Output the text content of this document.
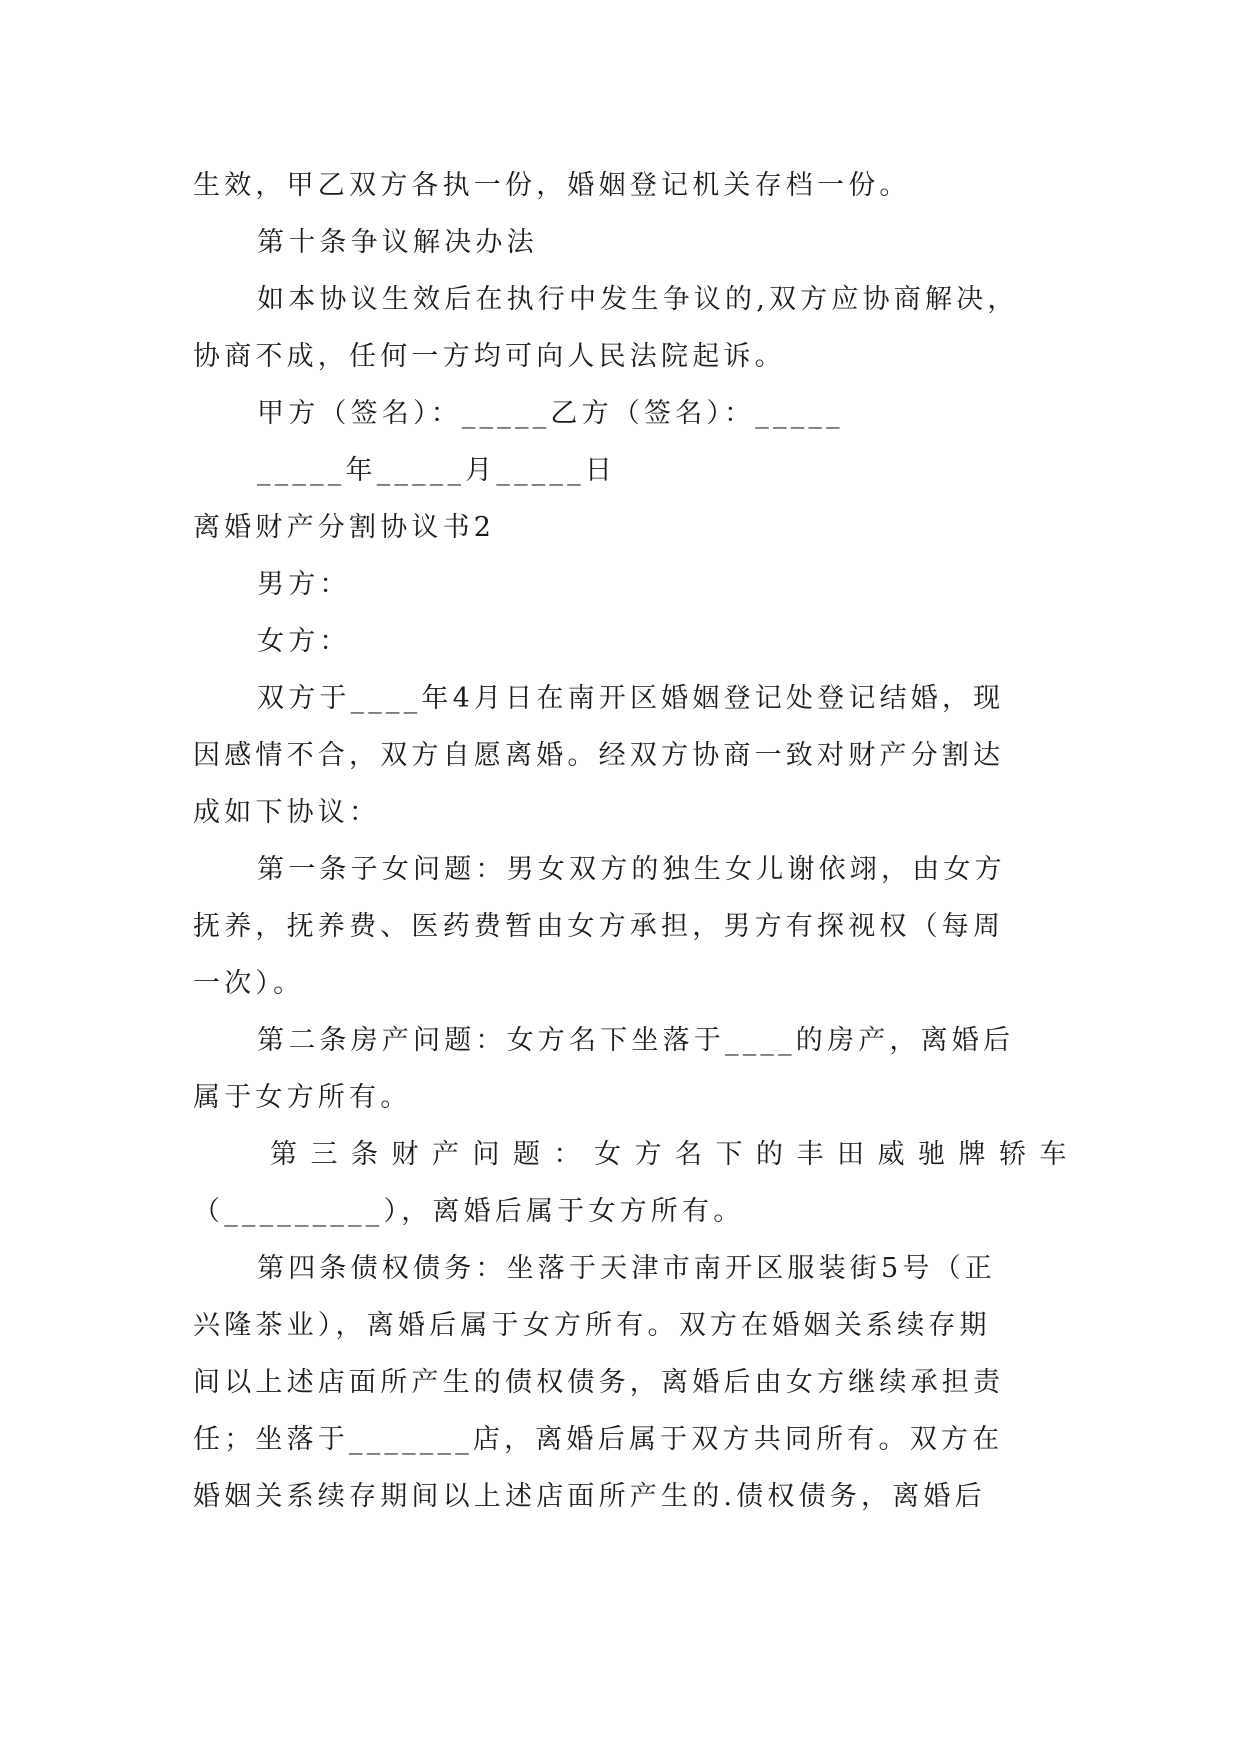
生效，甲乙双方各执一份，婚姻登记机关存档一份。
第十条争议解决办法
如本协议生效后在执行中发生争议的,双方应协商解决，
协商不成，任何一方均可向人民法院起诉。
甲方（签名）：_____乙方（签名）：_____
_____年_____月_____日
离婚财产分割协议书2
男方：
女方：
双方于____年4月日在南开区婚姻登记处登记结婚，现
因感情不合，双方自愿离婚。经双方协商一致对财产分割达
成如下协议：
第一条子女问题：男女双方的独生女儿谢依翊，由女方
抚养，抚养费、医药费暂由女方承担，男方有探视权（每周
一次）。
第二条房产问题：女方名下坐落于____的房产，离婚后
属于女方所有。
第三条财产问题：女方名下的丰田威驰牌轿车
（_________），离婚后属于女方所有。
第四条债权债务：坐落于天津市南开区服装街5号（正
兴隆茶业），离婚后属于女方所有。双方在婚姻关系续存期
间以上述店面所产生的债权债务，离婚后由女方继续承担责
任；坐落于_______店，离婚后属于双方共同所有。双方在
婚姻关系续存期间以上述店面所产生的.债权债务，离婚后
